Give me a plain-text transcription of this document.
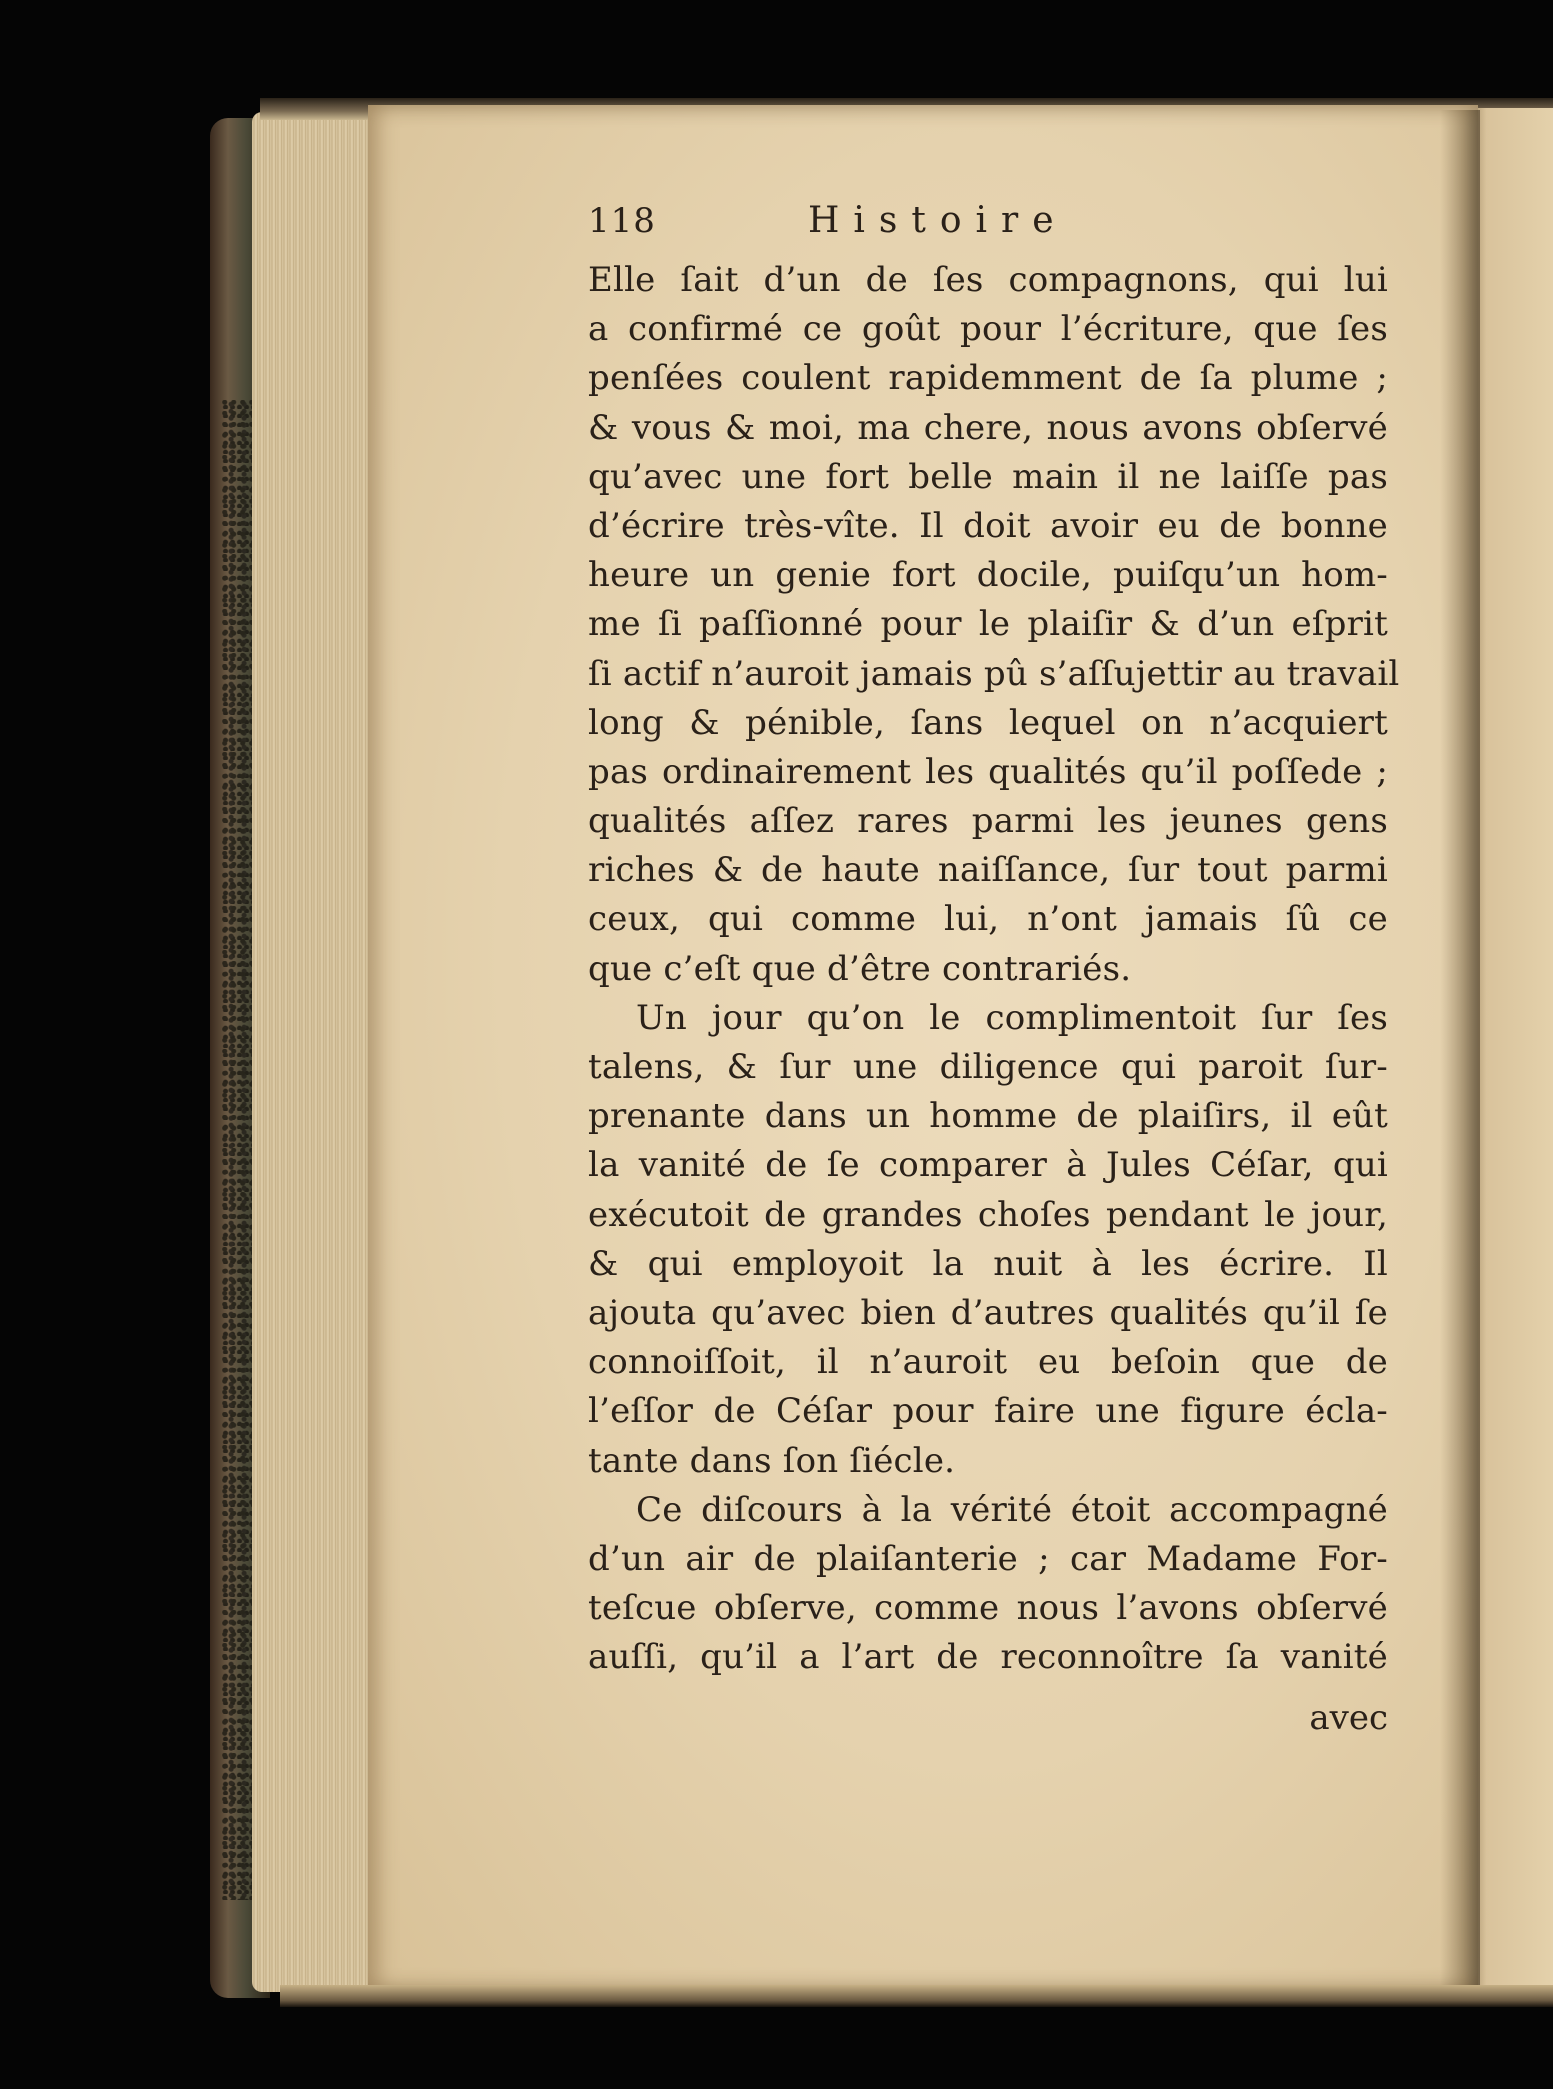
118	Histoire
Elle ſait d’un de ſes compagnons, qui lui
a confirmé ce goût pour l’écriture, que ſes
penſées coulent rapidemment de ſa plume ;
& vous & moi, ma chere, nous avons obſervé
qu’avec une fort belle main il ne laiſſe pas
d’écrire très-vîte. Il doit avoir eu de bonne
heure un genie fort docile, puiſqu’un hom-
me ſi paſſionné pour le plaiſir & d’un eſprit
ſi actif n’auroit jamais pû s’aſſujettir au travail
long & pénible, ſans lequel on n’acquiert
pas ordinairement les qualités qu’il poſſede ;
qualités aſſez rares parmi les jeunes gens
riches & de haute naiſſance, ſur tout parmi
ceux, qui comme lui, n’ont jamais ſû ce
que c’eſt que d’être contrariés.
Un jour qu’on le complimentoit ſur ſes
talens, & ſur une diligence qui paroit ſur-
prenante dans un homme de plaiſirs, il eût
la vanité de ſe comparer à Jules Céſar, qui
exécutoit de grandes choſes pendant le jour,
& qui employoit la nuit à les écrire. Il
ajouta qu’avec bien d’autres qualités qu’il ſe
connoiſſoit, il n’auroit eu beſoin que de
l’eſſor de Céſar pour faire une figure écla-
tante dans ſon ſiécle.
Ce diſcours à la vérité étoit accompagné
d’un air de plaiſanterie ; car Madame For-
teſcue obſerve, comme nous l’avons obſervé
auſſi, qu’il a l’art de reconnoître ſa vanité
avec
